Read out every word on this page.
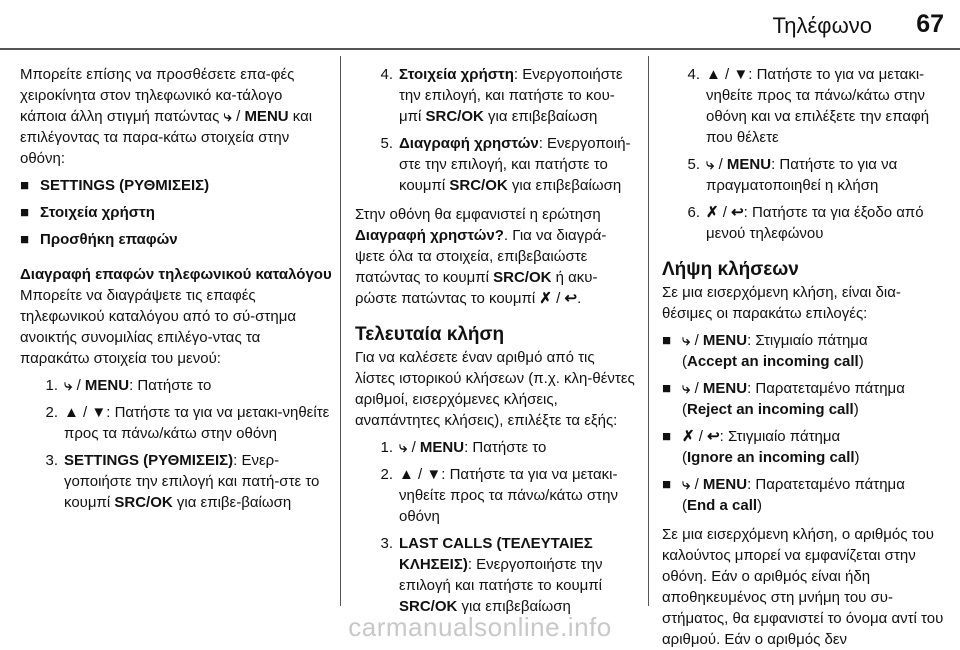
Τηλέφωνο 67

Μπορείτε επίσης να προσθέσετε επα-φές χειροκίνητα στον τηλεφωνικό κα-τάλογο κάποια άλλη στιγμή πατώντας ⤷ / MENU και επιλέγοντας τα παρα-κάτω στοιχεία στην οθόνη:

■ SETTINGS (ΡΥΘΜΙΣΕΙΣ)
■ Στοιχεία χρήστη
■ Προσθήκη επαφών

Διαγραφή επαφών τηλεφωνικού καταλόγου

Μπορείτε να διαγράψετε τις επαφές τηλεφωνικού καταλόγου από το σύ-στημα ανοικτής συνομιλίας επιλέγο-ντας τα παρακάτω στοιχεία του μενού:

1. ⤷ / MENU: Πατήστε το
2. ▲ / ▼: Πατήστε τα για να μετακι-νηθείτε προς τα πάνω/κάτω στην οθόνη
3. SETTINGS (ΡΥΘΜΙΣΕΙΣ): Ενερ-γοποιήστε την επιλογή και πατή-στε το κουμπί SRC/OK για επιβε-βαίωση
4. Στοιχεία χρήστη: Ενεργοποιήστε την επιλογή, και πατήστε το κου-μπί SRC/OK για επιβεβαίωση
5. Διαγραφή χρηστών: Ενεργοποιή-στε την επιλογή, και πατήστε το κουμπί SRC/OK για επιβεβαίωση

Στην οθόνη θα εμφανιστεί η ερώτηση Διαγραφή χρηστών?. Για να διαγρά-ψετε όλα τα στοιχεία, επιβεβαιώστε πατώντας το κουμπί SRC/OK ή ακυ-ρώστε πατώντας το κουμπί ✗ / ↩.

Τελευταία κλήση

Για να καλέσετε έναν αριθμό από τις λίστες ιστορικού κλήσεων (π.χ. κλη-θέντες αριθμοί, εισερχόμενες κλήσεις, αναπάντητες κλήσεις), επιλέξτε τα εξής:

1. ⤷ / MENU: Πατήστε το
2. ▲ / ▼: Πατήστε τα για να μετακι-νηθείτε προς τα πάνω/κάτω στην οθόνη
3. LAST CALLS (ΤΕΛΕΥΤΑΙΕΣ ΚΛΗΣΕΙΣ): Ενεργοποιήστε την επιλογή και πατήστε το κουμπί SRC/OK για επιβεβαίωση
4. ▲ / ▼: Πατήστε το για να μετακι-νηθείτε προς τα πάνω/κάτω στην οθόνη και να επιλέξετε την επαφή που θέλετε
5. ⤷ / MENU: Πατήστε το για να πραγματοποιηθεί η κλήση
6. ✗ / ↩: Πατήστε τα για έξοδο από μενού τηλεφώνου

Λήψη κλήσεων

Σε μια εισερχόμενη κλήση, είναι δια-θέσιμες οι παρακάτω επιλογές:

■ ⤷ / MENU: Στιγμιαίο πάτημα
(Accept an incoming call)
■ ⤷ / MENU: Παρατεταμένο πάτημα
(Reject an incoming call)
■ ✗ / ↩: Στιγμιαίο πάτημα
(Ignore an incoming call)
■ ⤷ / MENU: Παρατεταμένο πάτημα
(End a call)

Σε μια εισερχόμενη κλήση, ο αριθμός του καλούντος μπορεί να εμφανίζεται στην οθόνη. Εάν ο αριθμός είναι ήδη αποθηκευμένος στη μνήμη του συ-στήματος, θα εμφανιστεί το όνομα αντί του αριθμού. Εάν ο αριθμός δεν

carmanualsonline.info
